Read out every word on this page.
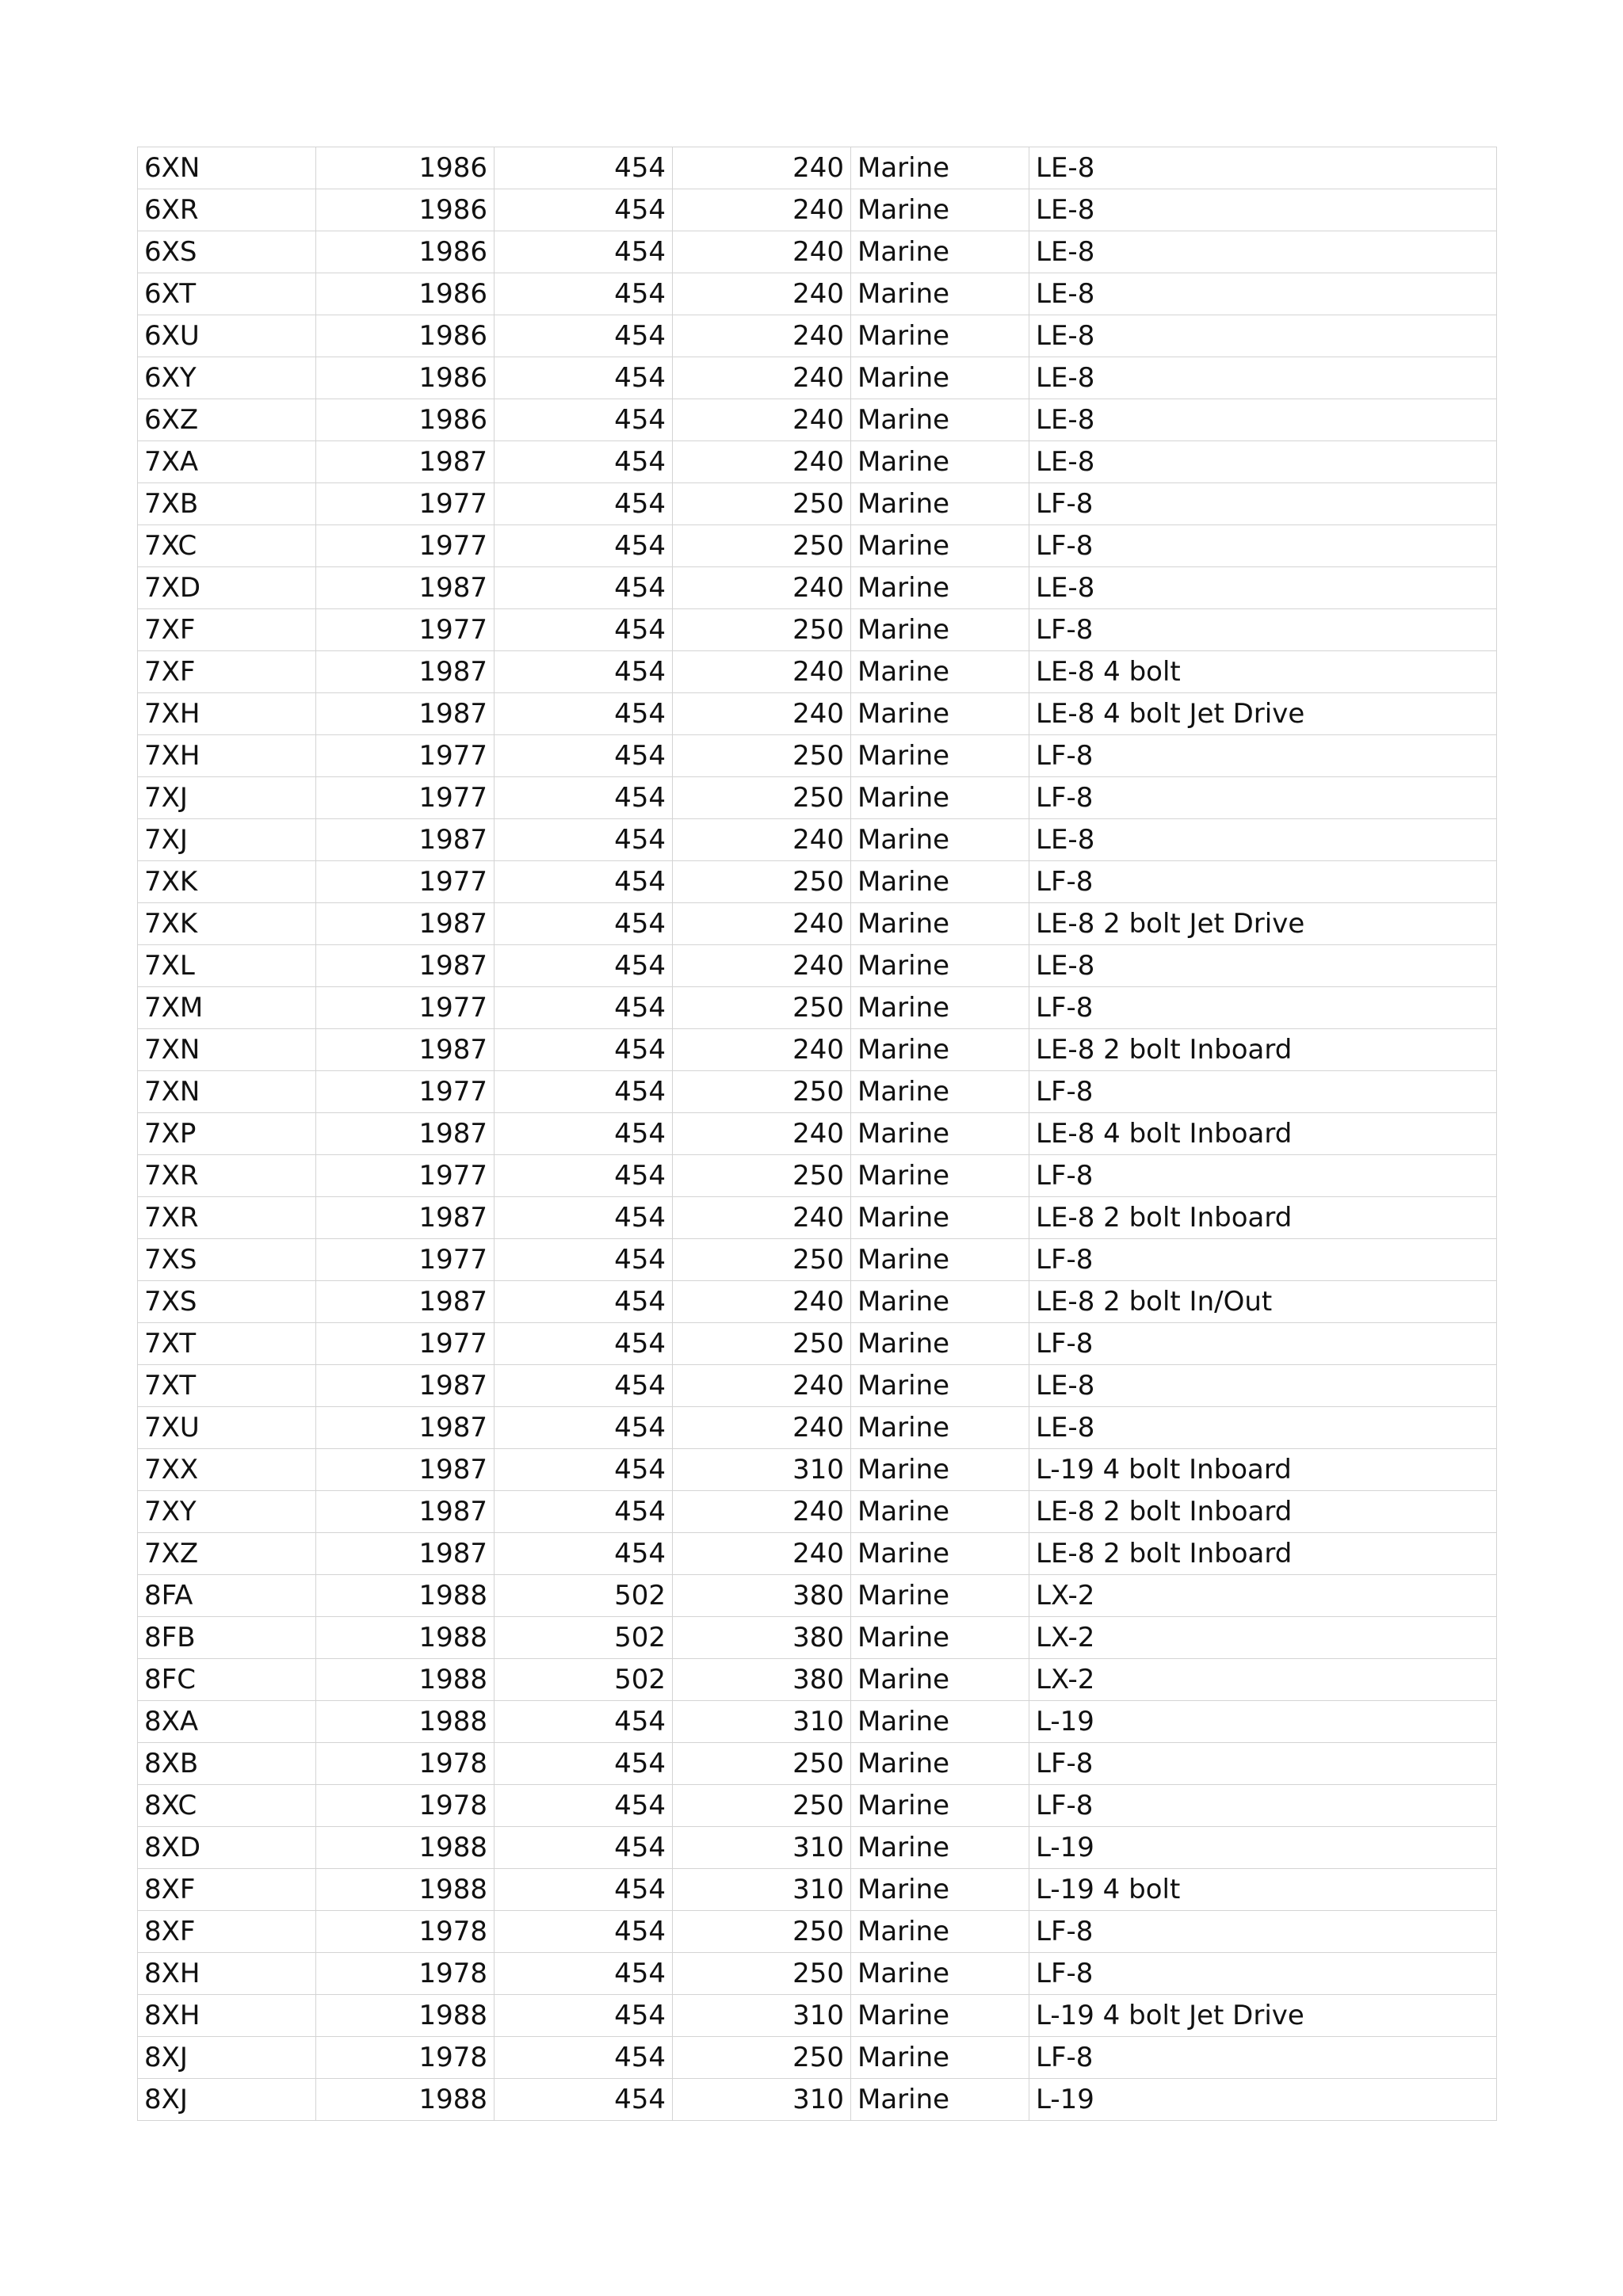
6XN	1986	454	240	Marine	LE-8
6XR	1986	454	240	Marine	LE-8
6XS	1986	454	240	Marine	LE-8
6XT	1986	454	240	Marine	LE-8
6XU	1986	454	240	Marine	LE-8
6XY	1986	454	240	Marine	LE-8
6XZ	1986	454	240	Marine	LE-8
7XA	1987	454	240	Marine	LE-8
7XB	1977	454	250	Marine	LF-8
7XC	1977	454	250	Marine	LF-8
7XD	1987	454	240	Marine	LE-8
7XF	1977	454	250	Marine	LF-8
7XF	1987	454	240	Marine	LE-8 4 bolt
7XH	1987	454	240	Marine	LE-8 4 bolt Jet Drive
7XH	1977	454	250	Marine	LF-8
7XJ	1977	454	250	Marine	LF-8
7XJ	1987	454	240	Marine	LE-8
7XK	1977	454	250	Marine	LF-8
7XK	1987	454	240	Marine	LE-8 2 bolt Jet Drive
7XL	1987	454	240	Marine	LE-8
7XM	1977	454	250	Marine	LF-8
7XN	1987	454	240	Marine	LE-8 2 bolt Inboard
7XN	1977	454	250	Marine	LF-8
7XP	1987	454	240	Marine	LE-8 4 bolt Inboard
7XR	1977	454	250	Marine	LF-8
7XR	1987	454	240	Marine	LE-8 2 bolt Inboard
7XS	1977	454	250	Marine	LF-8
7XS	1987	454	240	Marine	LE-8 2 bolt In/Out
7XT	1977	454	250	Marine	LF-8
7XT	1987	454	240	Marine	LE-8
7XU	1987	454	240	Marine	LE-8
7XX	1987	454	310	Marine	L-19 4 bolt Inboard
7XY	1987	454	240	Marine	LE-8 2 bolt Inboard
7XZ	1987	454	240	Marine	LE-8 2 bolt Inboard
8FA	1988	502	380	Marine	LX-2
8FB	1988	502	380	Marine	LX-2
8FC	1988	502	380	Marine	LX-2
8XA	1988	454	310	Marine	L-19
8XB	1978	454	250	Marine	LF-8
8XC	1978	454	250	Marine	LF-8
8XD	1988	454	310	Marine	L-19
8XF	1988	454	310	Marine	L-19 4 bolt
8XF	1978	454	250	Marine	LF-8
8XH	1978	454	250	Marine	LF-8
8XH	1988	454	310	Marine	L-19 4 bolt Jet Drive
8XJ	1978	454	250	Marine	LF-8
8XJ	1988	454	310	Marine	L-19
